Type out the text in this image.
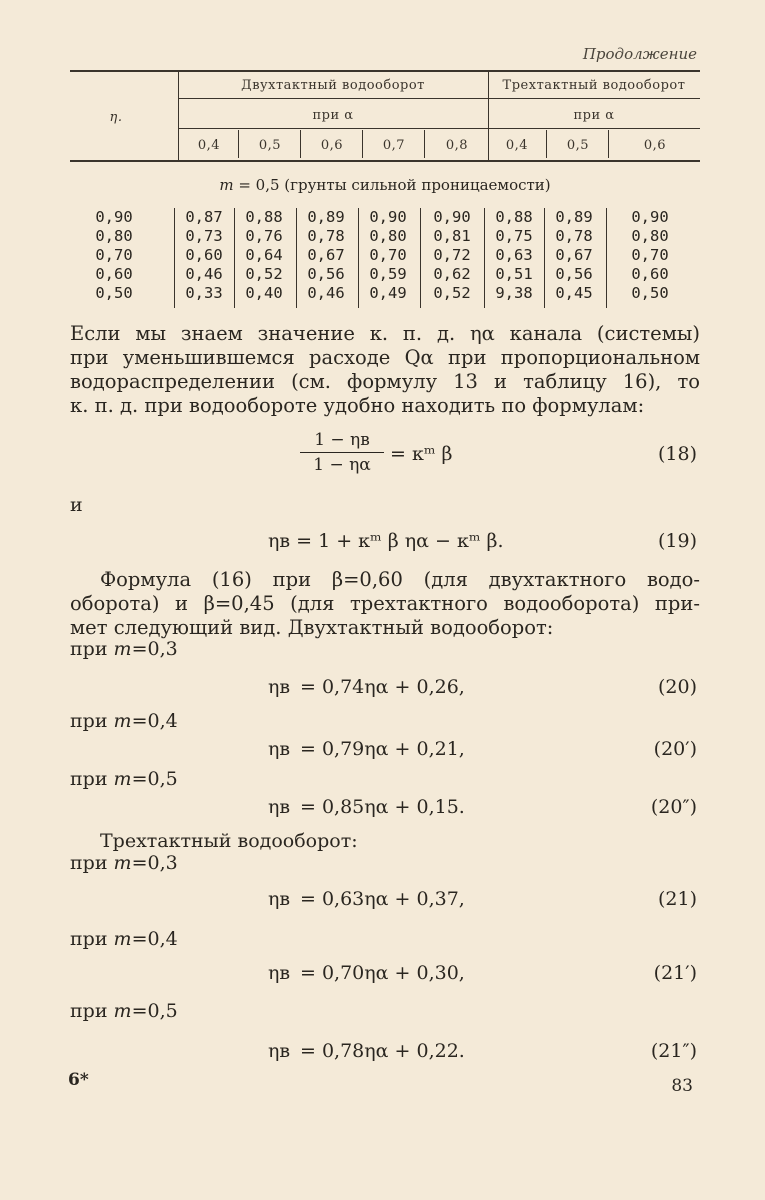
Продолжение
η.
Двухтактный водооборот	Трехтактный водооборот
при α	при α
0,4	0,5	0,6	0,7	0,8	0,4	0,5	0,6
m = 0,5 (грунты сильной проницаемости)
0,90	0,87	0,88	0,89	0,90	0,90	0,88	0,89	0,90
0,80	0,73	0,76	0,78	0,80	0,81	0,75	0,78	0,80
0,70	0,60	0,64	0,67	0,70	0,72	0,63	0,67	0,70
0,60	0,46	0,52	0,56	0,59	0,62	0,51	0,56	0,60
0,50	0,33	0,40	0,46	0,49	0,52	9,38	0,45	0,50
Если мы знаем значение к. п. д. ηα канала (системы)
при уменьшившемся расходе Qα при пропорциональном
водораспределении (см. формулу 13 и таблицу 16), то
к. п. д. при водообороте удобно находить по формулам:
1 − ηв
1 − ηα	= κᵐ β	(18)
и
ηв = 1 + κᵐ β ηα − κᵐ β.	(19)
Формула (16) при β=0,60 (для двухтактного водо-
оборота) и β=0,45 (для трехтактного водооборота) при-
мет следующий вид. Двухтактный водооборот:
при m=0,3
ηв = 0,74ηα + 0,26,	(20)
при m=0,4
ηв = 0,79ηα + 0,21,	(20′)
при m=0,5
ηв = 0,85ηα + 0,15.	(20″)
при m=0,3
ηв = 0,63ηα + 0,37,	(21)
при m=0,4
ηв = 0,70ηα + 0,30,	(21′)
при m=0,5
ηв = 0,78ηα + 0,22.	(21″)
Трехтактный водооборот:
6*	83
